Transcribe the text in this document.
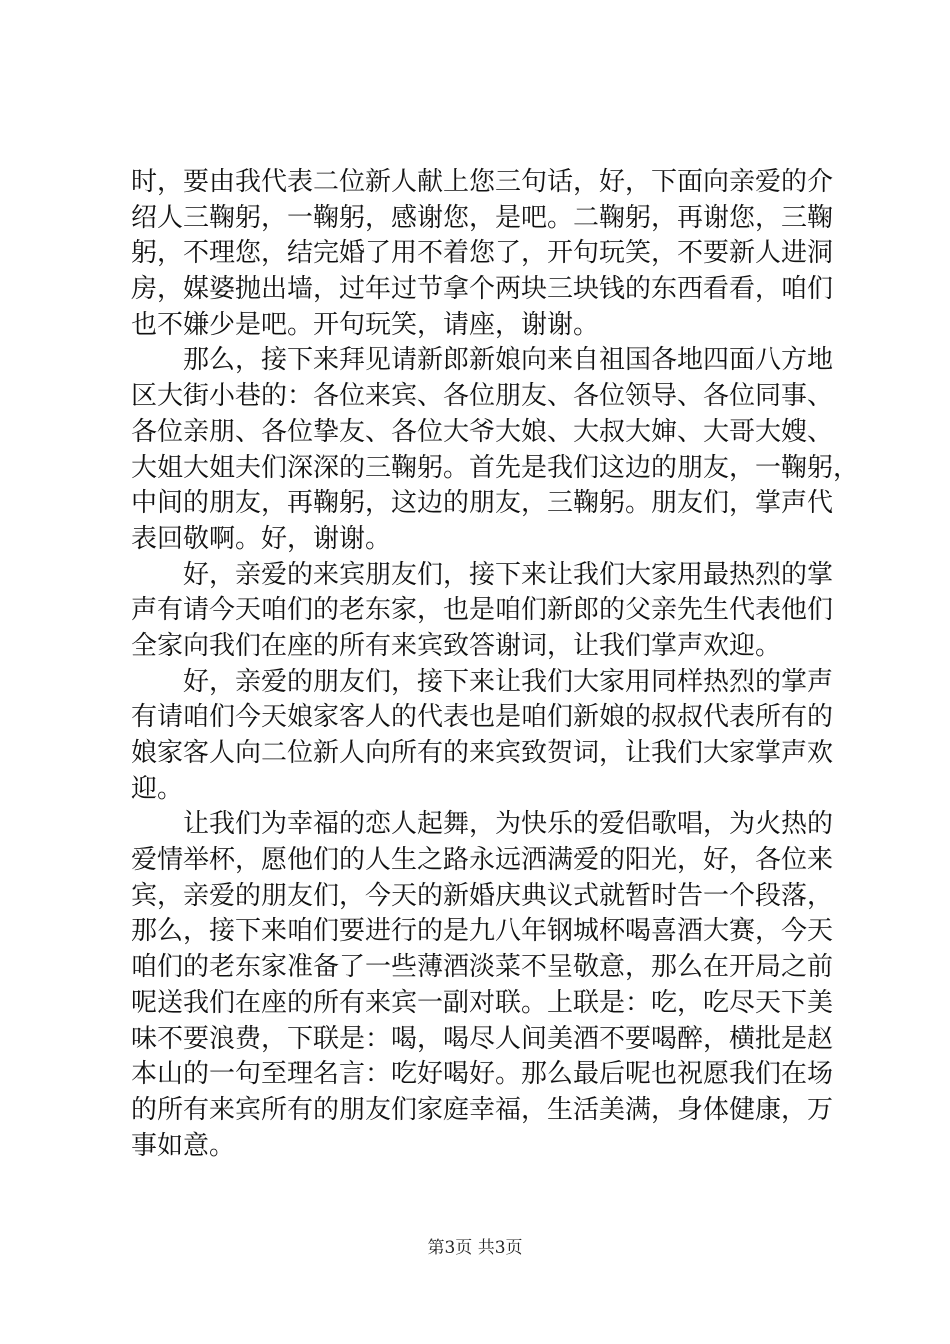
时，要由我代表二位新人献上您三句话，好，下面向亲爱的介
绍人三鞠躬，一鞠躬，感谢您，是吧。二鞠躬，再谢您，三鞠
躬，不理您，结完婚了用不着您了，开句玩笑，不要新人进洞
房，媒婆抛出墙，过年过节拿个两块三块钱的东西看看，咱们
也不嫌少是吧。开句玩笑，请座，谢谢。
　　那么，接下来拜见请新郎新娘向来自祖国各地四面八方地
区大街小巷的：各位来宾、各位朋友、各位领导、各位同事、
各位亲朋、各位挚友、各位大爷大娘、大叔大婶、大哥大嫂、
大姐大姐夫们深深的三鞠躬。首先是我们这边的朋友，一鞠躬，
中间的朋友，再鞠躬，这边的朋友，三鞠躬。朋友们，掌声代
表回敬啊。好，谢谢。
　　好，亲爱的来宾朋友们，接下来让我们大家用最热烈的掌
声有请今天咱们的老东家，也是咱们新郎的父亲先生代表他们
全家向我们在座的所有来宾致答谢词，让我们掌声欢迎。
　　好，亲爱的朋友们，接下来让我们大家用同样热烈的掌声
有请咱们今天娘家客人的代表也是咱们新娘的叔叔代表所有的
娘家客人向二位新人向所有的来宾致贺词，让我们大家掌声欢
迎。
　　让我们为幸福的恋人起舞，为快乐的爱侣歌唱，为火热的
爱情举杯，愿他们的人生之路永远洒满爱的阳光，好，各位来
宾，亲爱的朋友们，今天的新婚庆典议式就暂时告一个段落，
那么，接下来咱们要进行的是九八年钢城杯喝喜酒大赛，今天
咱们的老东家准备了一些薄酒淡菜不呈敬意，那么在开局之前
呢送我们在座的所有来宾一副对联。上联是：吃，吃尽天下美
味不要浪费，下联是：喝，喝尽人间美酒不要喝醉，横批是赵
本山的一句至理名言：吃好喝好。那么最后呢也祝愿我们在场
的所有来宾所有的朋友们家庭幸福，生活美满，身体健康，万
事如意。
第3页 共3页
